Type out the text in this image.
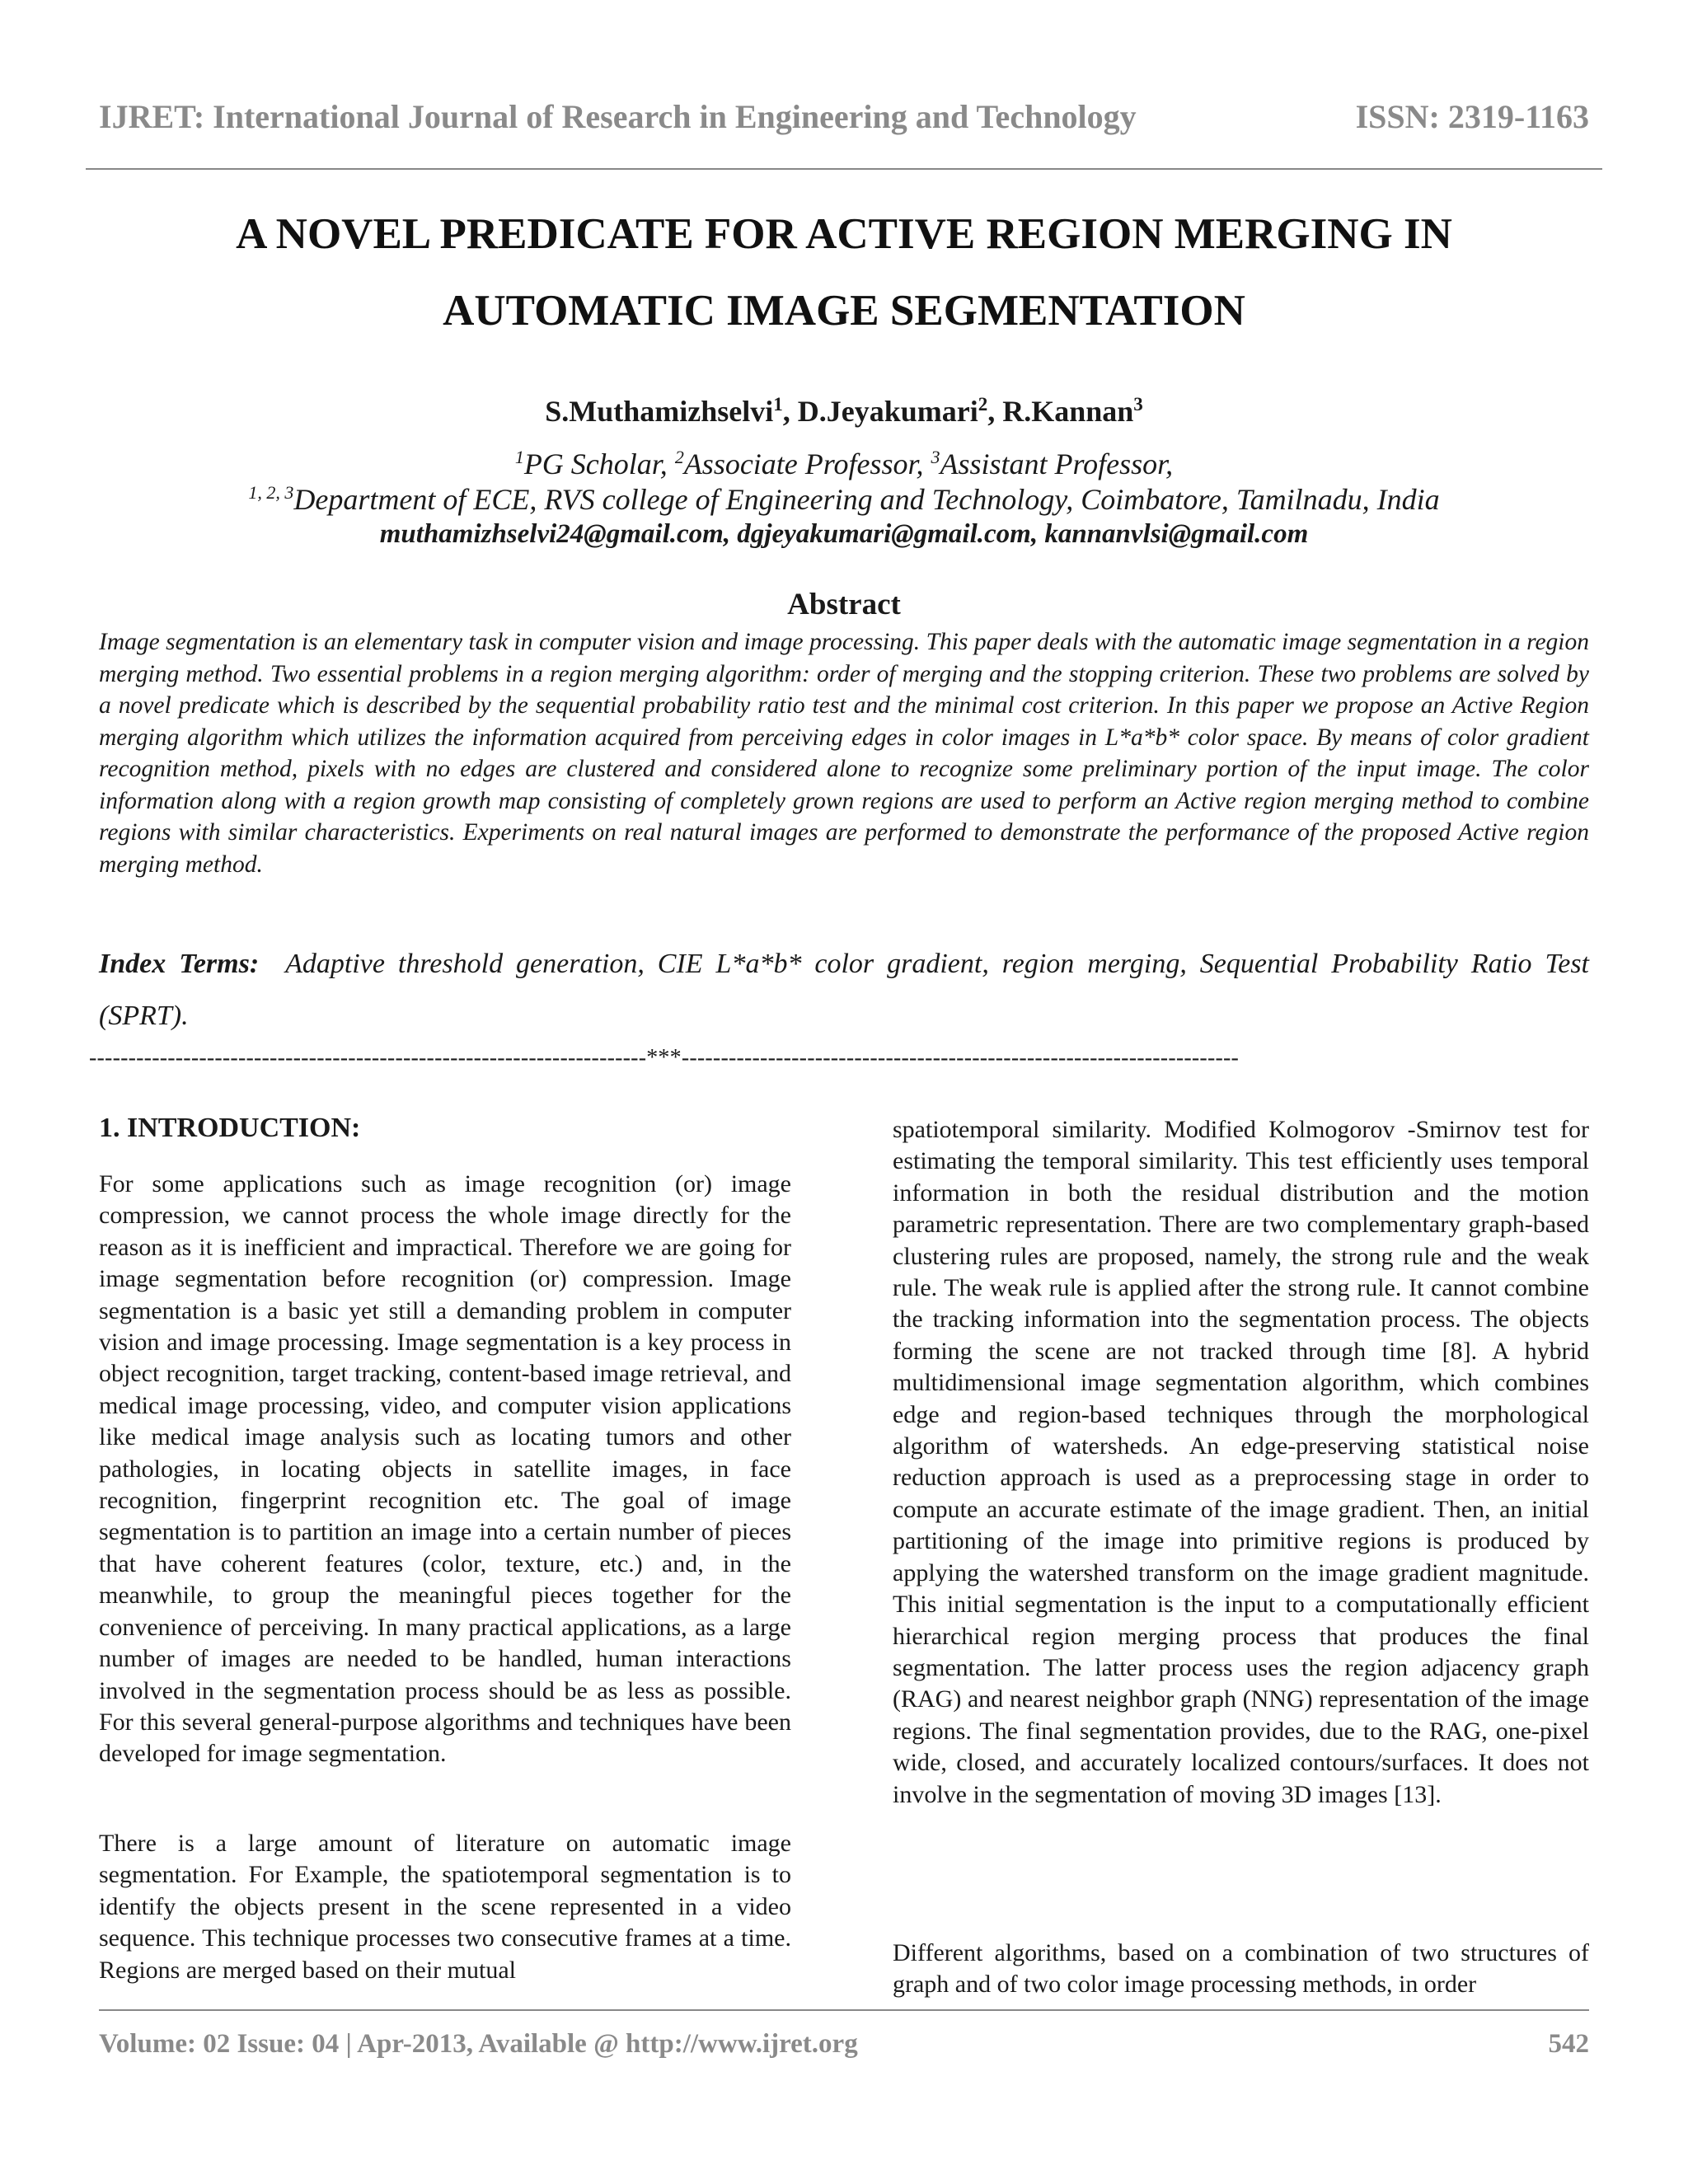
IJRET: International Journal of Research in Engineering and Technology	ISSN: 2319-1163
A NOVEL PREDICATE FOR ACTIVE REGION MERGING IN
AUTOMATIC IMAGE SEGMENTATION
S.Muthamizhselvi$^1$, D.Jeyakumari$^2$, R.Kannan$^3$
$^1$PG Scholar, $^2$Associate Professor, $^3$Assistant Professor,
$^{1, 2, 3}$Department of ECE, RVS college of Engineering and Technology, Coimbatore, Tamilnadu, India
muthamizhselvi24@gmail.com, dgjeyakumari@gmail.com, kannanvlsi@gmail.com
Abstract
Image segmentation is an elementary task in computer vision and image processing. This paper deals with the automatic image segmentation in a region merging method. Two essential problems in a region merging algorithm: order of merging and the stopping criterion. These two problems are solved by a novel predicate which is described by the sequential probability ratio test and the minimal cost criterion. In this paper we propose an Active Region merging algorithm which utilizes the information acquired from perceiving edges in color images in L*a*b* color space. By means of color gradient recognition method, pixels with no edges are clustered and considered alone to recognize some preliminary portion of the input image. The color information along with a region growth map consisting of completely grown regions are used to perform an Active region merging method to combine regions with similar characteristics. Experiments on real natural images are performed to demonstrate the performance of the proposed Active region merging method.
Index Terms: Adaptive threshold generation, CIE L*a*b* color gradient, region merging, Sequential Probability Ratio Test (SPRT).
-----------------------------------------------------------------------***-----------------------------------------------------------------------
1. INTRODUCTION:
For some applications such as image recognition (or) image compression, we cannot process the whole image directly for the reason as it is inefficient and impractical. Therefore we are going for image segmentation before recognition (or) compression. Image segmentation is a basic yet still a demanding problem in computer vision and image processing. Image segmentation is a key process in object recognition, target tracking, content-based image retrieval, and medical image processing, video, and computer vision applications like medical image analysis such as locating tumors and other pathologies, in locating objects in satellite images, in face recognition, fingerprint recognition etc. The goal of image segmentation is to partition an image into a certain number of pieces that have coherent features (color, texture, etc.) and, in the meanwhile, to group the meaningful pieces together for the convenience of perceiving. In many practical applications, as a large number of images are needed to be handled, human interactions involved in the segmentation process should be as less as possible. For this several general-purpose algorithms and techniques have been developed for image segmentation.
There is a large amount of literature on automatic image segmentation. For Example, the spatiotemporal segmentation is to identify the objects present in the scene represented in a video sequence. This technique processes two consecutive frames at a time. Regions are merged based on their mutual
spatiotemporal similarity. Modified Kolmogorov -Smirnov test for estimating the temporal similarity. This test efficiently uses temporal information in both the residual distribution and the motion parametric representation. There are two complementary graph-based clustering rules are proposed, namely, the strong rule and the weak rule. The weak rule is applied after the strong rule. It cannot combine the tracking information into the segmentation process. The objects forming the scene are not tracked through time [8]. A hybrid multidimensional image segmentation algorithm, which combines edge and region-based techniques through the morphological algorithm of watersheds. An edge-preserving statistical noise reduction approach is used as a preprocessing stage in order to compute an accurate estimate of the image gradient. Then, an initial partitioning of the image into primitive regions is produced by applying the watershed transform on the image gradient magnitude. This initial segmentation is the input to a computationally efficient hierarchical region merging process that produces the final segmentation. The latter process uses the region adjacency graph (RAG) and nearest neighbor graph (NNG) representation of the image regions. The final segmentation provides, due to the RAG, one-pixel wide, closed, and accurately localized contours/surfaces. It does not involve in the segmentation of moving 3D images [13].
Different algorithms, based on a combination of two structures of graph and of two color image processing methods, in order
Volume: 02 Issue: 04 | Apr-2013, Available @ http://www.ijret.org	542
